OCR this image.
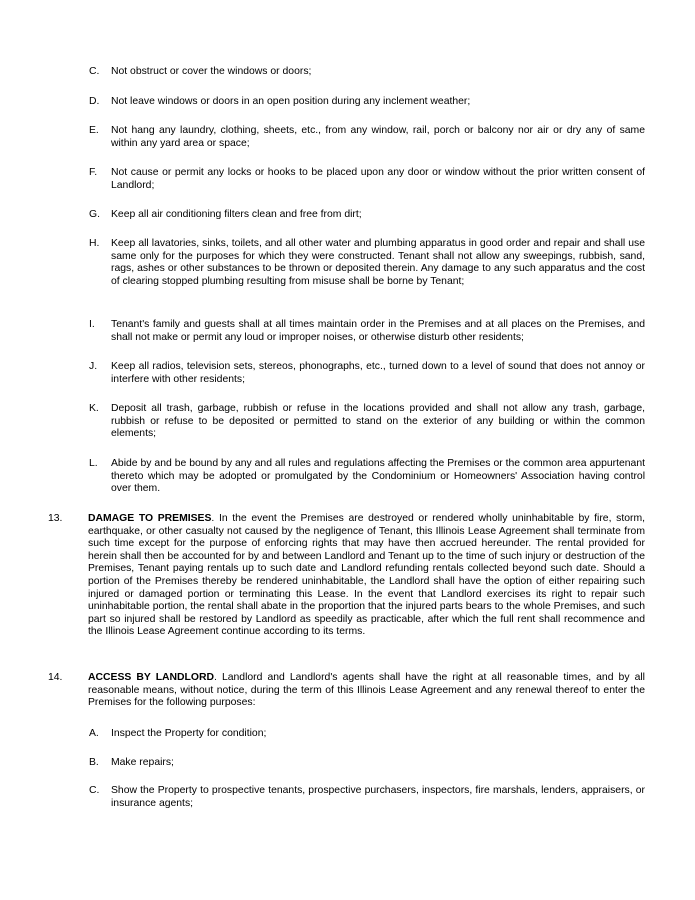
C.	Not obstruct or cover the windows or doors;
D.	Not leave windows or doors in an open position during any inclement weather;
E.	Not hang any laundry, clothing, sheets, etc., from any window, rail, porch or balcony nor air or dry any of same within any yard area or space;
F.	Not cause or permit any locks or hooks to be placed upon any door or window without the prior written consent of Landlord;
G.	Keep all air conditioning filters clean and free from dirt;
H.	Keep all lavatories, sinks, toilets, and all other water and plumbing apparatus in good order and repair and shall use same only for the purposes for which they were constructed. Tenant shall not allow any sweepings, rubbish, sand, rags, ashes or other substances to be thrown or deposited therein. Any damage to any such apparatus and the cost of clearing stopped plumbing resulting from misuse shall be borne by Tenant;
I.	Tenant's family and guests shall at all times maintain order in the Premises and at all places on the Premises, and shall not make or permit any loud or improper noises, or otherwise disturb other residents;
J.	Keep all radios, television sets, stereos, phonographs, etc., turned down to a level of sound that does not annoy or interfere with other residents;
K.	Deposit all trash, garbage, rubbish or refuse in the locations provided and shall not allow any trash, garbage, rubbish or refuse to be deposited or permitted to stand on the exterior of any building or within the common elements;
L.	Abide by and be bound by any and all rules and regulations affecting the Premises or the common area appurtenant thereto which may be adopted or promulgated by the Condominium or Homeowners' Association having control over them.
13.	DAMAGE TO PREMISES. In the event the Premises are destroyed or rendered wholly uninhabitable by fire, storm, earthquake, or other casualty not caused by the negligence of Tenant, this Illinois Lease Agreement shall terminate from such time except for the purpose of enforcing rights that may have then accrued hereunder. The rental provided for herein shall then be accounted for by and between Landlord and Tenant up to the time of such injury or destruction of the Premises, Tenant paying rentals up to such date and Landlord refunding rentals collected beyond such date. Should a portion of the Premises thereby be rendered uninhabitable, the Landlord shall have the option of either repairing such injured or damaged portion or terminating this Lease. In the event that Landlord exercises its right to repair such uninhabitable portion, the rental shall abate in the proportion that the injured parts bears to the whole Premises, and such part so injured shall be restored by Landlord as speedily as practicable, after which the full rent shall recommence and the Illinois Lease Agreement continue according to its terms.
14.	ACCESS BY LANDLORD. Landlord and Landlord's agents shall have the right at all reasonable times, and by all reasonable means, without notice, during the term of this Illinois Lease Agreement and any renewal thereof to enter the Premises for the following purposes:
A.	Inspect the Property for condition;
B.	Make repairs;
C.	Show the Property to prospective tenants, prospective purchasers, inspectors, fire marshals, lenders, appraisers, or insurance agents;
